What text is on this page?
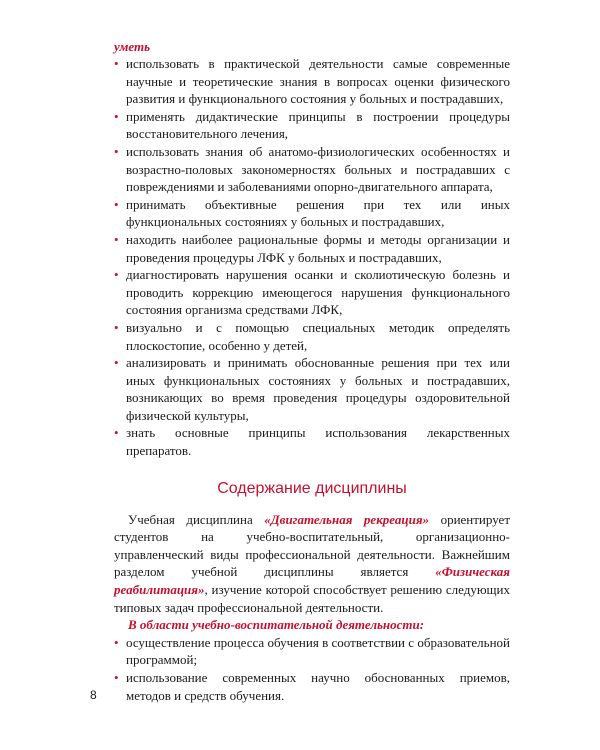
уметь

• использовать в практической деятельности самые современные научные и теоретические знания в вопросах оценки физического развития и функционального состояния у больных и пострадавших,
• применять дидактические принципы в построении процедуры восстановительного лечения,
• использовать знания об анатомо-физиологических особенностях и возрастно-половых закономерностях больных и пострадавших с повреждениями и заболеваниями опорно-двигательного аппарата,
• принимать объективные решения при тех или иных функциональных состояниях у больных и пострадавших,
• находить наиболее рациональные формы и методы организации и проведения процедуры ЛФК у больных и пострадавших,
• диагностировать нарушения осанки и сколиотическую болезнь и проводить коррекцию имеющегося нарушения функционального состояния организма средствами ЛФК,
• визуально и с помощью специальных методик определять плоскостопие, особенно у детей,
• анализировать и принимать обоснованные решения при тех или иных функциональных состояниях у больных и пострадавших, возникающих во время проведения процедуры оздоровительной физической культуры,
• знать основные принципы использования лекарственных препаратов.
Содержание дисциплины

Учебная дисциплина «Двигательная рекреация» ориентирует студентов на учебно-воспитательный, организационно-управленческий виды профессиональной деятельности. Важнейшим разделом учебной дисциплины является «Физическая реабилитация», изучение которой способствует решению следующих типовых задач профессиональной деятельности.

В области учебно-воспитательной деятельности:

• осуществление процесса обучения в соответствии с образовательной программой;
• использование современных научно обоснованных приемов, методов и средств обучения.
8
